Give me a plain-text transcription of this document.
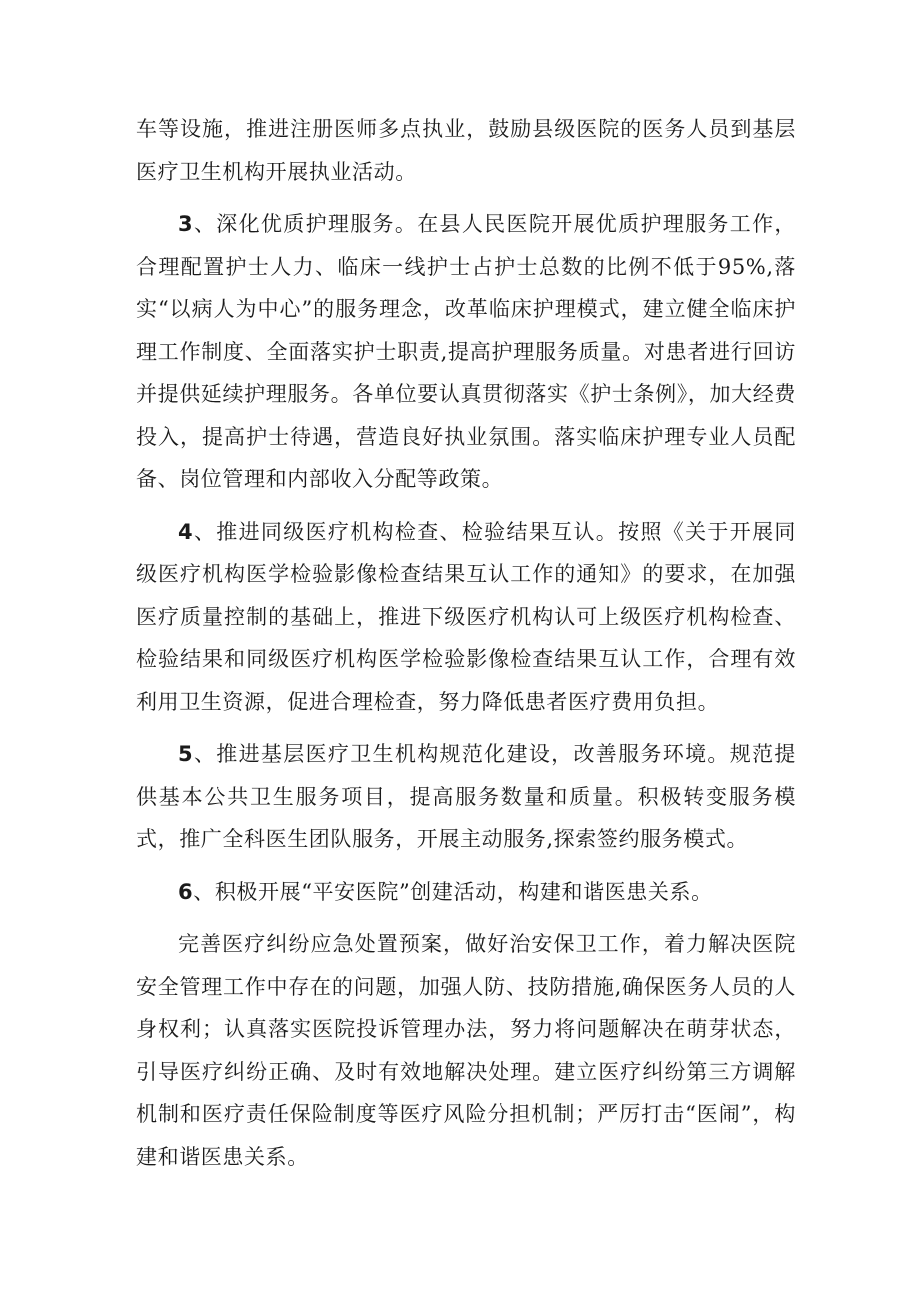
车等设施，推进注册医师多点执业，鼓励县级医院的医务人员到基层医疗卫生机构开展执业活动。

3、深化优质护理服务。在县人民医院开展优质护理服务工作，合理配置护士人力、临床一线护士占护士总数的比例不低于95%,落实“以病人为中心”的服务理念，改革临床护理模式，建立健全临床护理工作制度、全面落实护士职责,提高护理服务质量。对患者进行回访并提供延续护理服务。各单位要认真贯彻落实《护士条例》，加大经费投入，提高护士待遇，营造良好执业氛围。落实临床护理专业人员配备、岗位管理和内部收入分配等政策。

4、推进同级医疗机构检查、检验结果互认。按照《关于开展同级医疗机构医学检验影像检查结果互认工作的通知》的要求，在加强医疗质量控制的基础上，推进下级医疗机构认可上级医疗机构检查、检验结果和同级医疗机构医学检验影像检查结果互认工作，合理有效利用卫生资源，促进合理检查，努力降低患者医疗费用负担。

5、推进基层医疗卫生机构规范化建设，改善服务环境。规范提供基本公共卫生服务项目，提高服务数量和质量。积极转变服务模式，推广全科医生团队服务，开展主动服务,探索签约服务模式。

6、积极开展“平安医院”创建活动，构建和谐医患关系。

完善医疗纠纷应急处置预案，做好治安保卫工作，着力解决医院安全管理工作中存在的问题，加强人防、技防措施,确保医务人员的人身权利；认真落实医院投诉管理办法，努力将问题解决在萌芽状态，引导医疗纠纷正确、及时有效地解决处理。建立医疗纠纷第三方调解机制和医疗责任保险制度等医疗风险分担机制；严厉打击“医闹”，构建和谐医患关系。
